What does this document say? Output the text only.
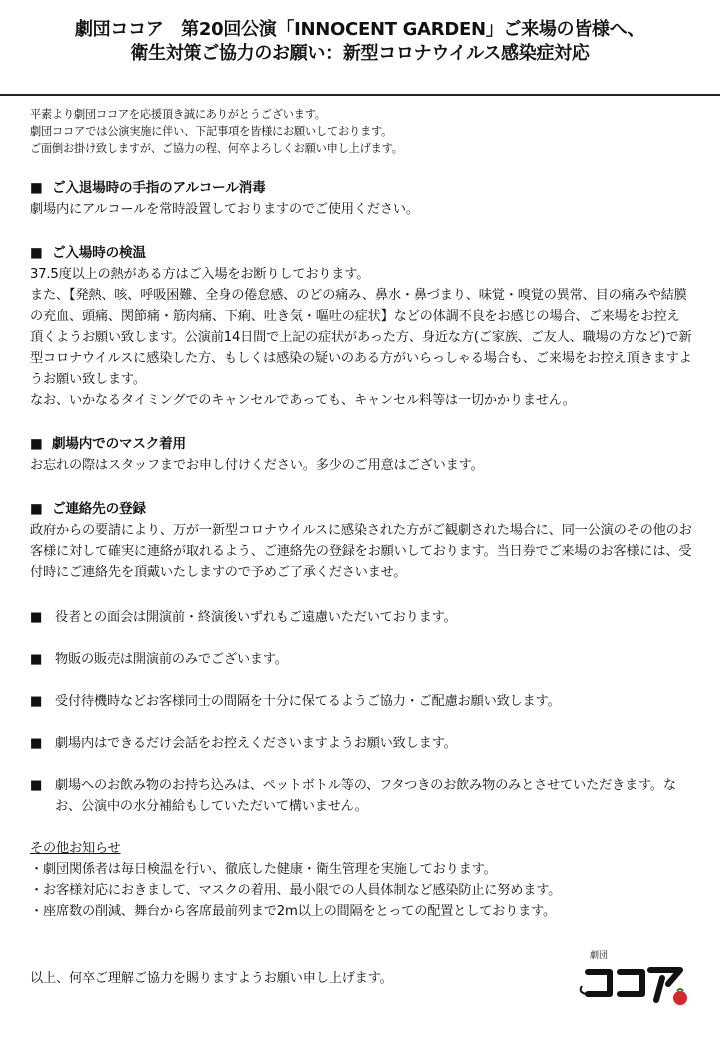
劇団ココア　第20回公演「INNOCENT GARDEN」ご来場の皆様へ、
衛生対策ご協力のお願い：新型コロナウイルス感染症対応
平素より劇団ココアを応援頂き誠にありがとうございます。
劇団ココアでは公演実施に伴い、下記事項を皆様にお願いしております。
ご面倒お掛け致しますが、ご協力の程、何卒よろしくお願い申し上げます。
■ ご入退場時の手指のアルコール消毒

劇場内にアルコールを常時設置しておりますのでご使用ください。

■ ご入場時の検温

37.5度以上の熱がある方はご入場をお断りしております。

また、【発熱、咳、呼吸困難、全身の倦怠感、のどの痛み、鼻水・鼻づまり、味覚・嗅覚の異常、目の痛みや結膜の充血、頭痛、関節痛・筋肉痛、下痢、吐き気・嘔吐の症状】などの体調不良をお感じの場合、ご来場をお控え頂くようお願い致します。公演前14日間で上記の症状があった方、身近な方(ご家族、ご友人、職場の方など)で新型コロナウイルスに感染した方、もしくは感染の疑いのある方がいらっしゃる場合も、ご来場をお控え頂きますようお願い致します。

なお、いかなるタイミングでのキャンセルであっても、キャンセル料等は一切かかりません。

■ 劇場内でのマスク着用

お忘れの際はスタッフまでお申し付けください。多少のご用意はございます。

■ ご連絡先の登録

政府からの要請により、万が一新型コロナウイルスに感染された方がご観劇された場合に、同一公演のその他のお客様に対して確実に連絡が取れるよう、ご連絡先の登録をお願いしております。当日券でご来場のお客様には、受付時にご連絡先を頂戴いたしますので予めご了承くださいませ。

■ 役者との面会は開演前・終演後いずれもご遠慮いただいております。
■ 物販の販売は開演前のみでございます。
■ 受付待機時などお客様同士の間隔を十分に保てるようご協力・ご配慮お願い致します。
■ 劇場内はできるだけ会話をお控えくださいますようお願い致します。
■ 劇場へのお飲み物のお持ち込みは、ペットボトル等の、フタつきのお飲み物のみとさせていただきます。なお、公演中の水分補給もしていただいて構いません。
その他お知らせ
・劇団関係者は毎日検温を行い、徹底した健康・衛生管理を実施しております。
・お客様対応におきまして、マスクの着用、最小限での人員体制など感染防止に努めます。
・座席数の削減、舞台から客席最前列まで2m以上の間隔をとっての配置としております。
以上、何卒ご理解ご協力を賜りますようお願い申し上げます。
劇団
ココア
